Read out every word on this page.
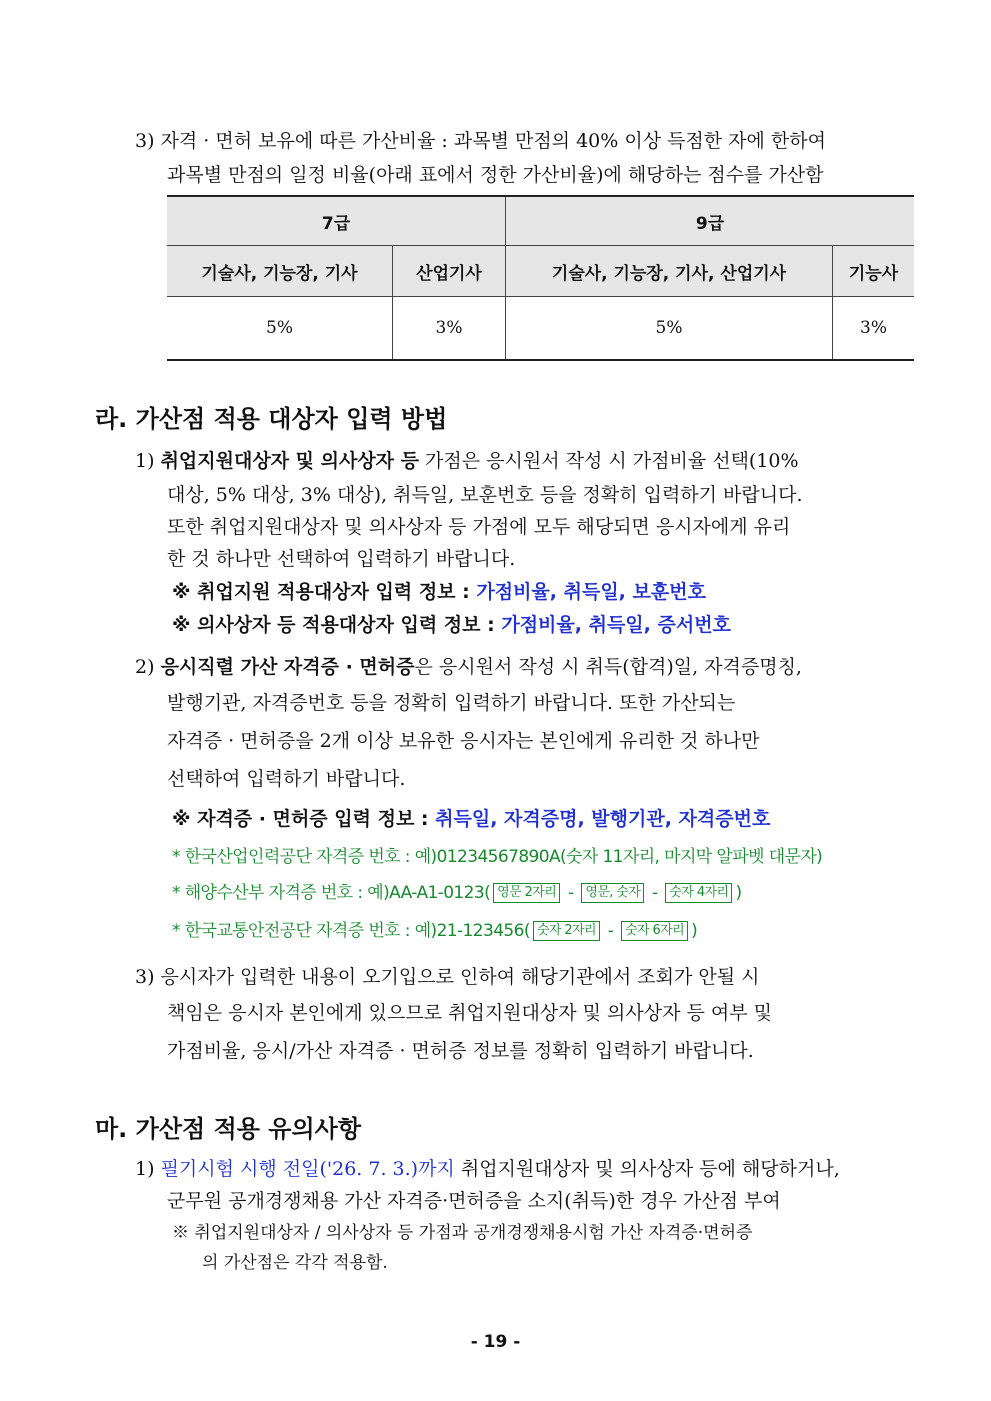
3) 자격 · 면허 보유에 따른 가산비율 : 과목별 만점의 40% 이상 득점한 자에 한하여
과목별 만점의 일정 비율(아래 표에서 정한 가산비율)에 해당하는 점수를 가산함
7급		9급	
기술사, 기능장, 기사	산업기사	기술사, 기능장, 기사, 산업기사	기능사
5%	3%	5%	3%
라. 가산점 적용 대상자 입력 방법
1) 취업지원대상자 및 의사상자 등 가점은 응시원서 작성 시 가점비율 선택(10%
대상, 5% 대상, 3% 대상), 취득일, 보훈번호 등을 정확히 입력하기 바랍니다.
또한 취업지원대상자 및 의사상자 등 가점에 모두 해당되면 응시자에게 유리
한 것 하나만 선택하여 입력하기 바랍니다.
※ 취업지원 적용대상자 입력 정보 : 가점비율, 취득일, 보훈번호
※ 의사상자 등 적용대상자 입력 정보 : 가점비율, 취득일, 증서번호
2) 응시직렬 가산 자격증 · 면허증은 응시원서 작성 시 취득(합격)일, 자격증명칭,
발행기관, 자격증번호 등을 정확히 입력하기 바랍니다. 또한 가산되는
자격증 · 면허증을 2개 이상 보유한 응시자는 본인에게 유리한 것 하나만
선택하여 입력하기 바랍니다.
※ 자격증 · 면허증 입력 정보 : 취득일, 자격증명, 발행기관, 자격증번호
* 한국산업인력공단 자격증 번호 : 예)01234567890A(숫자 11자리, 마지막 알파벳 대문자)
* 해양수산부 자격증 번호 : 예)AA-A1-0123( 영문 2자리 - 영문, 숫자 - 숫자 4자리 )
* 한국교통안전공단 자격증 번호 : 예)21-123456( 숫자 2자리 - 숫자 6자리 )
3) 응시자가 입력한 내용이 오기입으로 인하여 해당기관에서 조회가 안될 시
책임은 응시자 본인에게 있으므로 취업지원대상자 및 의사상자 등 여부 및
가점비율, 응시/가산 자격증 · 면허증 정보를 정확히 입력하기 바랍니다.
마. 가산점 적용 유의사항
1) 필기시험 시행 전일('26. 7. 3.)까지 취업지원대상자 및 의사상자 등에 해당하거나,
군무원 공개경쟁채용 가산 자격증·면허증을 소지(취득)한 경우 가산점 부여
※ 취업지원대상자 / 의사상자 등 가점과 공개경쟁채용시험 가산 자격증·면허증
의 가산점은 각각 적용함.
- 19 -
